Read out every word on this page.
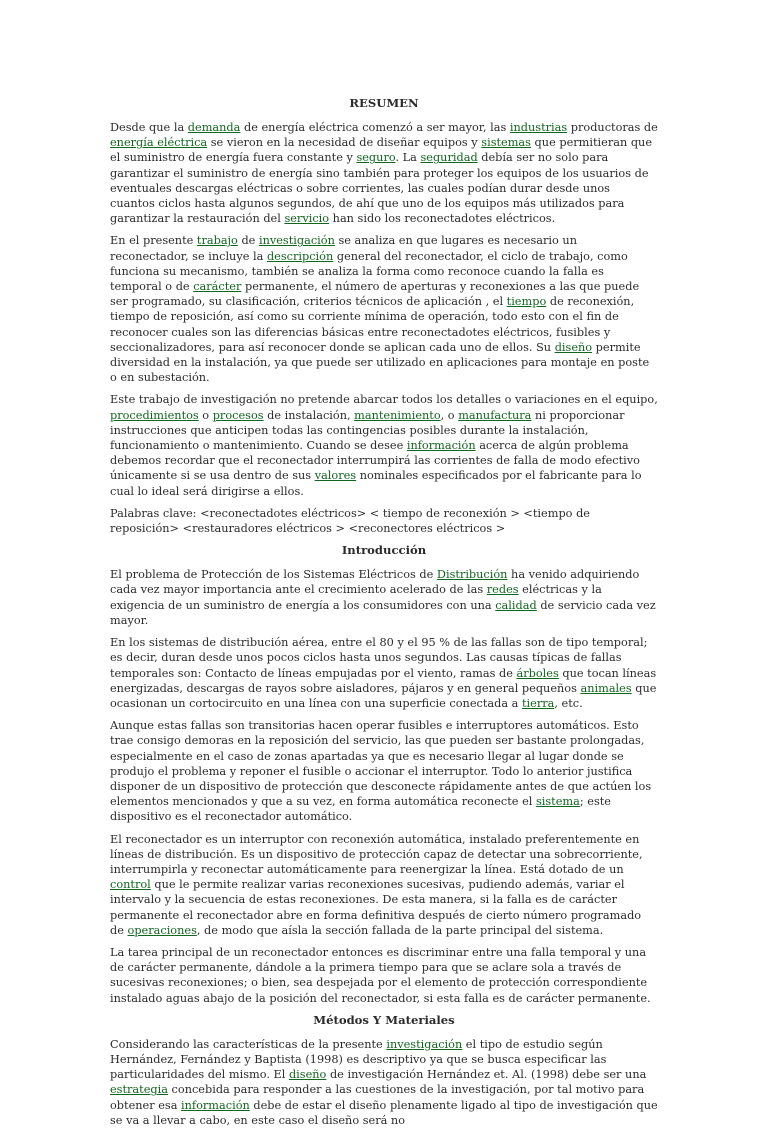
RESUMEN

Desde que la demanda de energía eléctrica comenzó a ser mayor, las industrias productoras de energía eléctrica se vieron en la necesidad de diseñar equipos y sistemas que permitieran que el suministro de energía fuera constante y seguro. La seguridad debía ser no solo para garantizar el suministro de energía sino también para proteger los equipos de los usuarios de eventuales descargas eléctricas o sobre corrientes, las cuales podían durar desde unos cuantos ciclos hasta algunos segundos, de ahí que uno de los equipos más utilizados para garantizar la restauración del servicio han sido los reconectadotes eléctricos.

En el presente trabajo de investigación se analiza en que lugares es necesario un reconectador, se incluye la descripción general del reconectador, el ciclo de trabajo, como funciona su mecanismo, también se analiza la forma como reconoce cuando la falla es temporal o de carácter permanente, el número de aperturas y reconexiones a las que puede ser programado, su clasificación, criterios técnicos de aplicación , el tiempo de reconexión, tiempo de reposición, así como su corriente mínima de operación, todo esto con el fin de reconocer cuales son las diferencias básicas entre reconectadotes eléctricos, fusibles y seccionalizadores, para así reconocer donde se aplican cada uno de ellos. Su diseño permite diversidad en la instalación, ya que puede ser utilizado en aplicaciones para montaje en poste o en subestación.

Este trabajo de investigación no pretende abarcar todos los detalles o variaciones en el equipo, procedimientos o procesos de instalación, mantenimiento, o manufactura ni proporcionar instrucciones que anticipen todas las contingencias posibles durante la instalación, funcionamiento o mantenimiento. Cuando se desee información acerca de algún problema debemos recordar que el reconectador interrumpirá las corrientes de falla de modo efectivo únicamente si se usa dentro de sus valores nominales especificados por el fabricante para lo cual lo ideal será dirigirse a ellos.

Palabras clave: <reconectadotes eléctricos> < tiempo de reconexión > <tiempo de reposición> <restauradores eléctricos > <reconectores eléctricos >

Introducción

El problema de Protección de los Sistemas Eléctricos de Distribución ha venido adquiriendo cada vez mayor importancia ante el crecimiento acelerado de las redes eléctricas y la exigencia de un suministro de energía a los consumidores con una calidad de servicio cada vez mayor.

En los sistemas de distribución aérea, entre el 80 y el 95 % de las fallas son de tipo temporal; es decir, duran desde unos pocos ciclos hasta unos segundos. Las causas típicas de fallas temporales son: Contacto de líneas empujadas por el viento, ramas de árboles que tocan líneas energizadas, descargas de rayos sobre aisladores, pájaros y en general pequeños animales que ocasionan un cortocircuito en una línea con una superficie conectada a tierra, etc.

Aunque estas fallas son transitorias hacen operar fusibles e interruptores automáticos. Esto trae consigo demoras en la reposición del servicio, las que pueden ser bastante prolongadas, especialmente en el caso de zonas apartadas ya que es necesario llegar al lugar donde se produjo el problema y reponer el fusible o accionar el interruptor. Todo lo anterior justifica disponer de un dispositivo de protección que desconecte rápidamente antes de que actúen los elementos mencionados y que a su vez, en forma automática reconecte el sistema; este dispositivo es el reconectador automático.

El reconectador es un interruptor con reconexión automática, instalado preferentemente en líneas de distribución. Es un dispositivo de protección capaz de detectar una sobrecorriente, interrumpirla y reconectar automáticamente para reenergizar la línea. Está dotado de un control que le permite realizar varias reconexiones sucesivas, pudiendo además, variar el intervalo y la secuencia de estas reconexiones. De esta manera, si la falla es de carácter permanente el reconectador abre en forma definitiva después de cierto número programado de operaciones, de modo que aísla la sección fallada de la parte principal del sistema.

La tarea principal de un reconectador entonces es discriminar entre una falla temporal y una de carácter permanente, dándole a la primera tiempo para que se aclare sola a través de sucesivas reconexiones; o bien, sea despejada por el elemento de protección correspondiente instalado aguas abajo de la posición del reconectador, si esta falla es de carácter permanente.

Métodos Y Materiales

Considerando las características de la presente investigación el tipo de estudio según Hernández, Fernández y Baptista (1998) es descriptivo ya que se busca especificar las particularidades del mismo. El diseño de investigación Hernández et. Al. (1998) debe ser una estrategia concebida para responder a las cuestiones de la investigación, por tal motivo para obtener esa información debe de estar el diseño plenamente ligado al tipo de investigación que se va a llevar a cabo, en este caso el diseño será no
